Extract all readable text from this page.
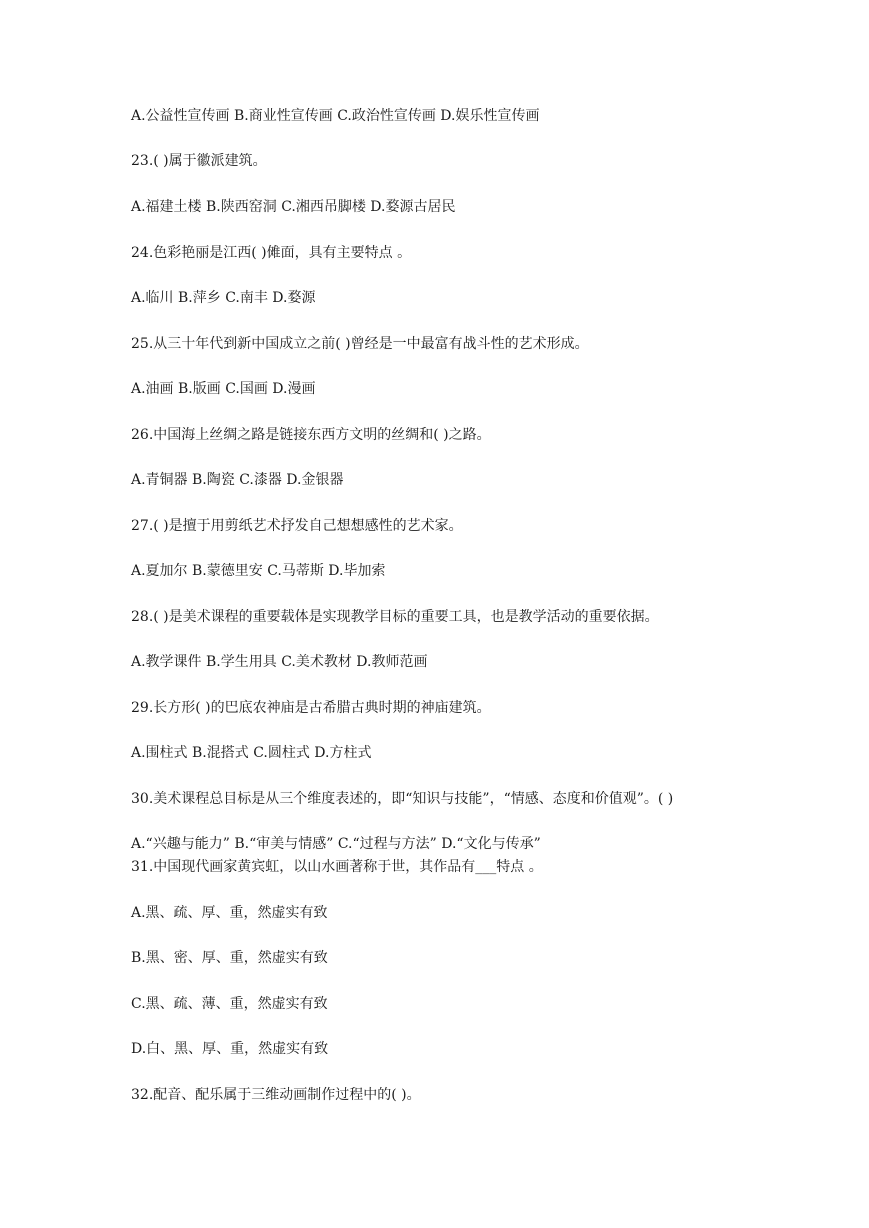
A.公益性宣传画 B.商业性宣传画 C.政治性宣传画 D.娱乐性宣传画
23.( )属于徽派建筑。
A.福建土楼 B.陕西窑洞 C.湘西吊脚楼 D.婺源古居民
24.色彩艳丽是江西( )傩面，具有主要特点 。
A.临川 B.萍乡 C.南丰 D.婺源
25.从三十年代到新中国成立之前( )曾经是一中最富有战斗性的艺术形成。
A.油画 B.版画 C.国画 D.漫画
26.中国海上丝绸之路是链接东西方文明的丝绸和( )之路。
A.青铜器 B.陶瓷 C.漆器 D.金银器
27.( )是擅于用剪纸艺术抒发自己想想感性的艺术家。
A.夏加尔 B.蒙德里安 C.马蒂斯 D.毕加索
28.( )是美术课程的重要载体是实现教学目标的重要工具，也是教学活动的重要依据。
A.教学课件 B.学生用具 C.美术教材 D.教师范画
29.长方形( )的巴底农神庙是古希腊古典时期的神庙建筑。
A.围柱式 B.混搭式 C.圆柱式 D.方柱式
30.美术课程总目标是从三个维度表述的，即“知识与技能”，“情感、态度和价值观”。( )
A.“兴趣与能力” B.“审美与情感” C.“过程与方法” D.“文化与传承”
31.中国现代画家黄宾虹，以山水画著称于世，其作品有___特点 。
A.黑、疏、厚、重，然虚实有致
B.黑、密、厚、重，然虚实有致
C.黑、疏、薄、重，然虚实有致
D.白、黑、厚、重，然虚实有致
32.配音、配乐属于三维动画制作过程中的( )。
